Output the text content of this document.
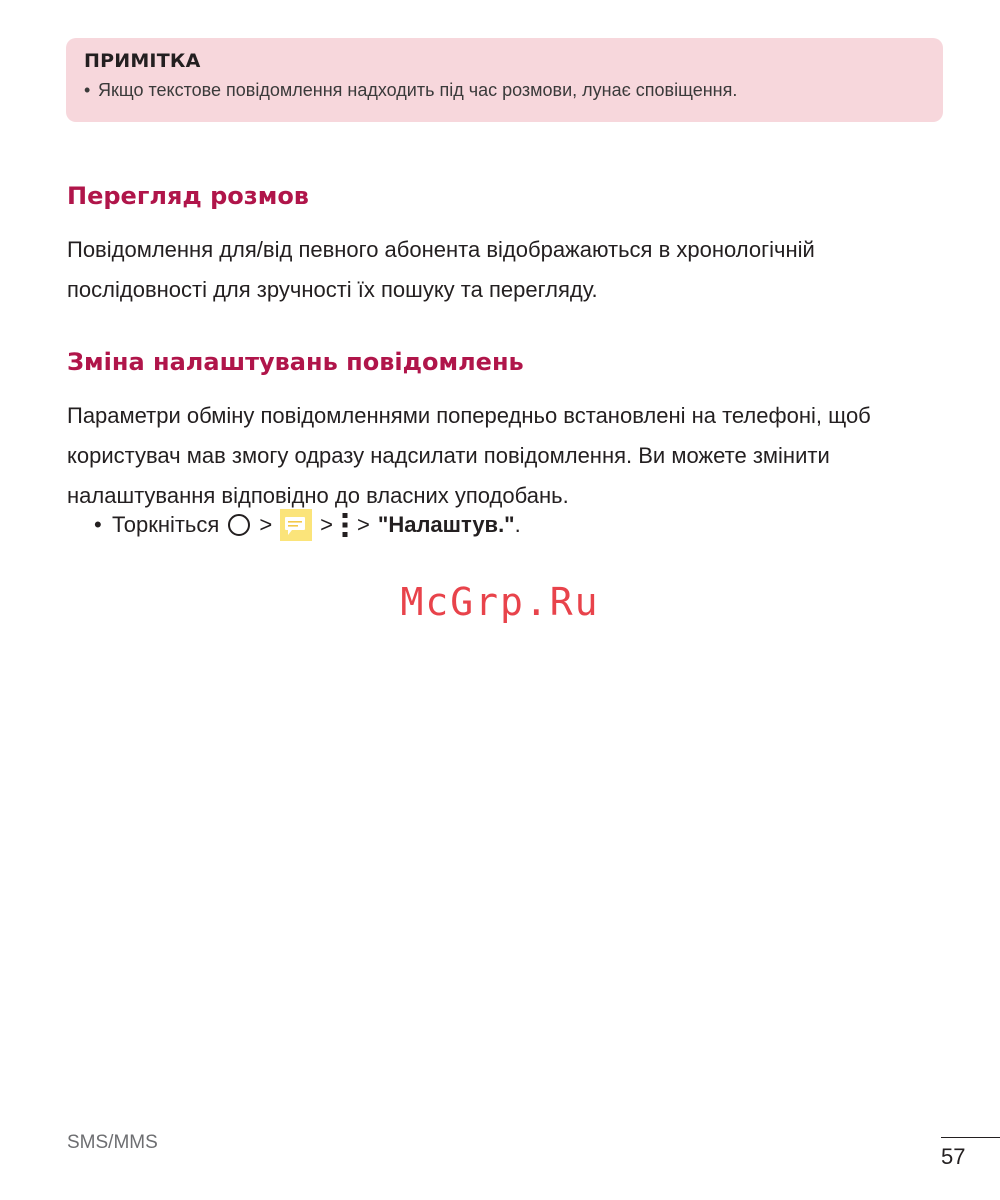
ПРИМІТКА
• Якщо текстове повідомлення надходить під час розмови, лунає сповіщення.
Перегляд розмов

Повідомлення для/від певного абонента відображаються в хронологічній послідовності для зручності їх пошуку та перегляду.

Зміна налаштувань повідомлень

Параметри обміну повідомленнями попередньо встановлені на телефоні, щоб користувач мав змогу одразу надсилати повідомлення. Ви можете змінити налаштування відповідно до власних уподобань.

• Торкніться > > > "Налаштув." .
McGrp.Ru
SMS/MMS
57
